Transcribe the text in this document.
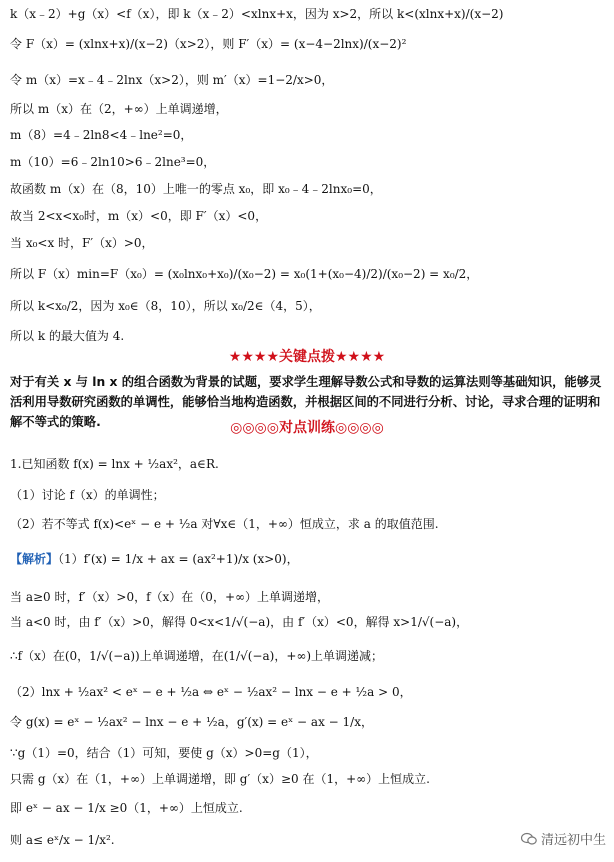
k（x﹣2）+g（x）<f（x），即 k（x﹣2）<xlnx+x，因为 x>2，所以 k<(xlnx+x)/(x−2)
令 F（x）= (xlnx+x)/(x−2)（x>2），则 F′（x）= (x−4−2lnx)/(x−2)²
令 m（x）=x﹣4﹣2lnx（x>2），则 m′（x）=1−2/x>0，
所以 m（x）在（2，+∞）上单调递增，
m（8）=4﹣2ln8<4﹣lne²=0，
m（10）=6﹣2ln10>6﹣2lne³=0，
故函数 m（x）在（8，10）上唯一的零点 x₀，即 x₀﹣4﹣2lnx₀=0，
故当 2<x<x₀时，m（x）<0，即 F′（x）<0，
当 x₀<x 时，F′（x）>0，
所以 F（x）min=F（x₀）= (x₀lnx₀+x₀)/(x₀−2) = x₀(1+(x₀−4)/2)/(x₀−2) = x₀/2，
所以 k<x₀/2，因为 x₀∈（8，10），所以 x₀/2∈（4，5），
所以 k 的最大值为 4.
★★★★关键点拨★★★★
对于有关 x 与 ln x 的组合函数为背景的试题，要求学生理解导数公式和导数的运算法则等基础知识，能够灵活利用导数研究函数的单调性，能够恰当地构造函数，并根据区间的不同进行分析、讨论，寻求合理的证明和解不等式的策略.	◎◎◎◎对点训练◎◎◎◎
1.已知函数 f(x) = lnx + ½ax²，a∈R.
（1）讨论 f（x）的单调性；
（2）若不等式 f(x)<eˣ − e + ½a 对∀x∈（1，+∞）恒成立，求 a 的取值范围.
【解析】（1）f′(x) = 1/x + ax = (ax²+1)/x (x>0)，
当 a≥0 时，f′（x）>0，f（x）在（0，+∞）上单调递增，
当 a<0 时，由 f′（x）>0，解得 0<x<1/√(−a)，由 f′（x）<0，解得 x>1/√(−a)，
∴f（x）在(0，1/√(−a))上单调递增，在(1/√(−a)，+∞)上单调递减；
（2）lnx + ½ax² < eˣ − e + ½a ⇔ eˣ − ½ax² − lnx − e + ½a > 0，
令 g(x) = eˣ − ½ax² − lnx − e + ½a，g′(x) = eˣ − ax − 1/x，
∵g（1）=0，结合（1）可知，要使 g（x）>0=g（1），
只需 g（x）在（1，+∞）上单调递增，即 g′（x）≥0 在（1，+∞）上恒成立.
即 eˣ − ax − 1/x ≥0（1，+∞）上恒成立.
则 a≤ eˣ/x − 1/x².	清远初中生
